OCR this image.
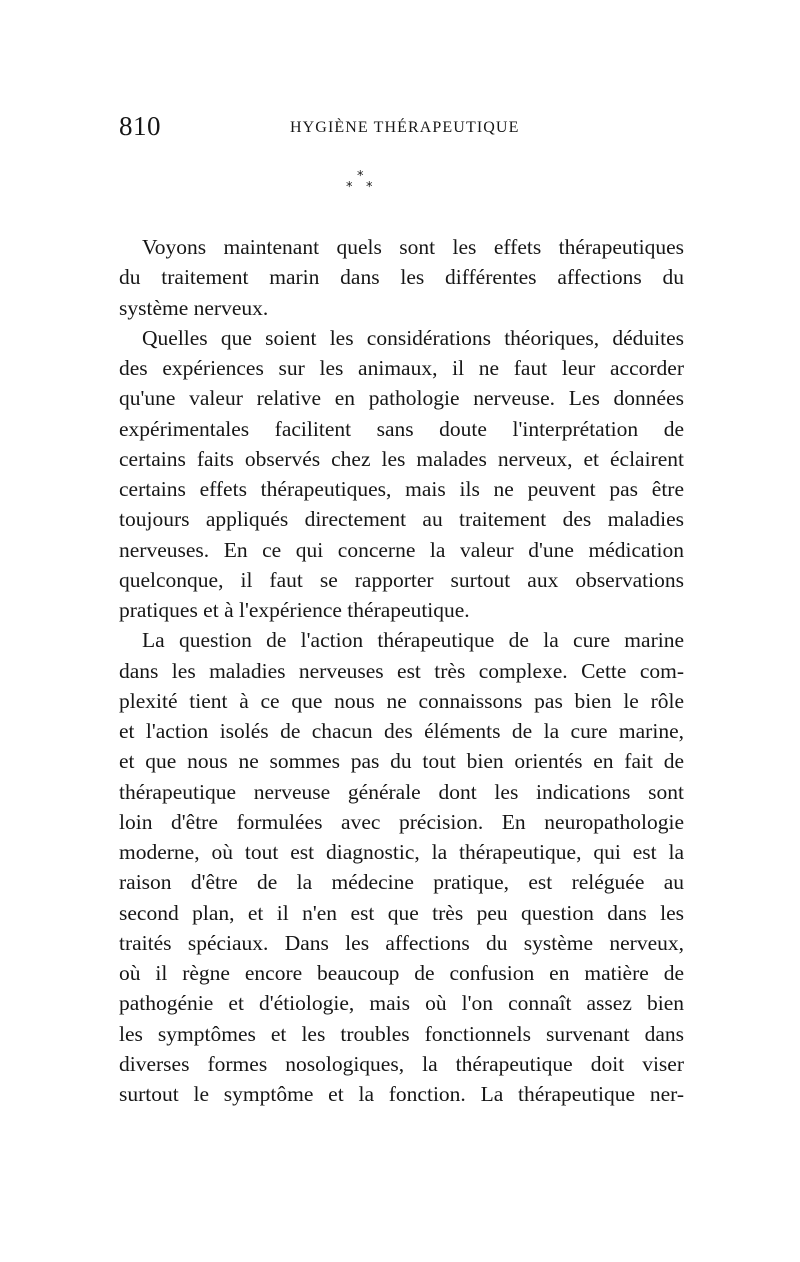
810	HYGIÈNE THÉRAPEUTIQUE
*
* *
Voyons maintenant quels sont les effets thérapeutiques
du traitement marin dans les différentes affections du
système nerveux.
Quelles que soient les considérations théoriques, déduites
des expériences sur les animaux, il ne faut leur accorder
qu'une valeur relative en pathologie nerveuse. Les données
expérimentales facilitent sans doute l'interprétation de
certains faits observés chez les malades nerveux, et éclairent
certains effets thérapeutiques, mais ils ne peuvent pas être
toujours appliqués directement au traitement des maladies
nerveuses. En ce qui concerne la valeur d'une médication
quelconque, il faut se rapporter surtout aux observations
pratiques et à l'expérience thérapeutique.
La question de l'action thérapeutique de la cure marine
dans les maladies nerveuses est très complexe. Cette com-
plexité tient à ce que nous ne connaissons pas bien le rôle
et l'action isolés de chacun des éléments de la cure marine,
et que nous ne sommes pas du tout bien orientés en fait de
thérapeutique nerveuse générale dont les indications sont
loin d'être formulées avec précision. En neuropathologie
moderne, où tout est diagnostic, la thérapeutique, qui est la
raison d'être de la médecine pratique, est reléguée au
second plan, et il n'en est que très peu question dans les
traités spéciaux. Dans les affections du système nerveux,
où il règne encore beaucoup de confusion en matière de
pathogénie et d'étiologie, mais où l'on connaît assez bien
les symptômes et les troubles fonctionnels survenant dans
diverses formes nosologiques, la thérapeutique doit viser
surtout le symptôme et la fonction. La thérapeutique ner-
